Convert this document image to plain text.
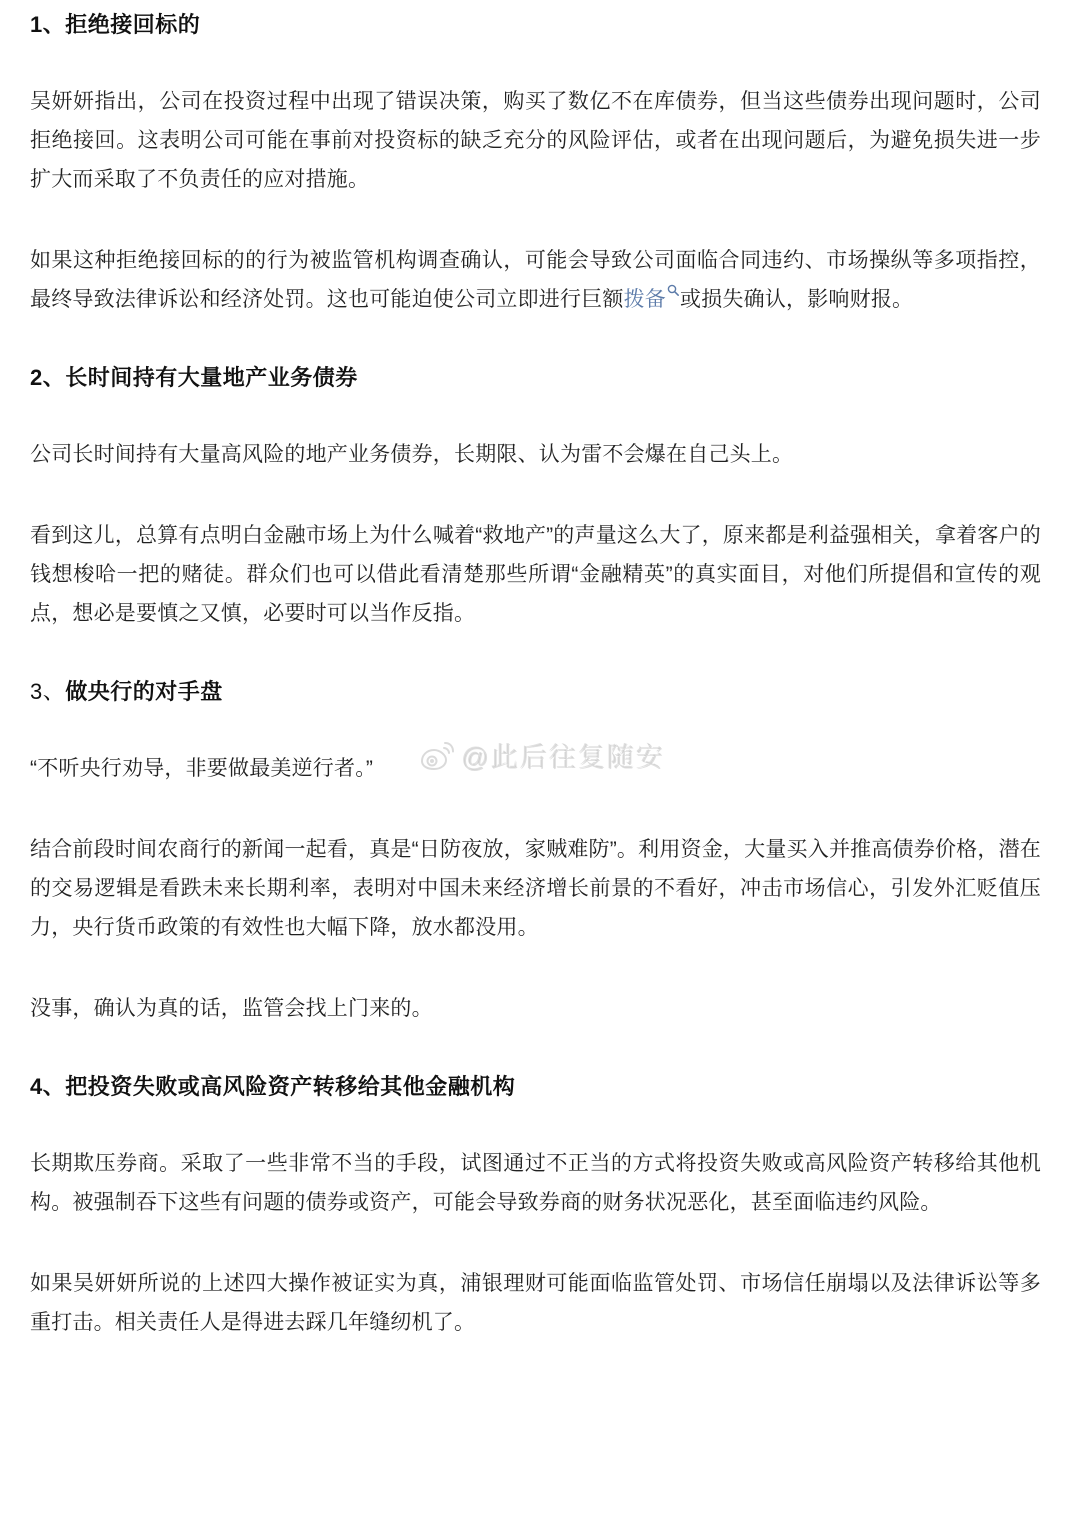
1、拒绝接回标的

吴妍妍指出，公司在投资过程中出现了错误决策，购买了数亿不在库债券，但当这些债券出现问题时，公司拒绝接回。这表明公司可能在事前对投资标的缺乏充分的风险评估，或者在出现问题后，为避免损失进一步扩大而采取了不负责任的应对措施。

如果这种拒绝接回标的的行为被监管机构调查确认，可能会导致公司面临合同违约、市场操纵等多项指控，最终导致法律诉讼和经济处罚。这也可能迫使公司立即进行巨额拨备 或损失确认，影响财报。

2、长时间持有大量地产业务债券

公司长时间持有大量高风险的地产业务债券，长期限、认为雷不会爆在自己头上。

看到这儿，总算有点明白金融市场上为什么喊着“救地产”的声量这么大了，原来都是利益强相关，拿着客户的钱想梭哈一把的赌徒。群众们也可以借此看清楚那些所谓“金融精英”的真实面目，对他们所提倡和宣传的观点，想必是要慎之又慎，必要时可以当作反指。

3、做央行的对手盘

“不听央行劝导，非要做最美逆行者。”

结合前段时间农商行的新闻一起看，真是“日防夜放，家贼难防”。利用资金，大量买入并推高债券价格，潜在的交易逻辑是看跌未来长期利率，表明对中国未来经济增长前景的不看好，冲击市场信心，引发外汇贬值压力，央行货币政策的有效性也大幅下降，放水都没用。

没事，确认为真的话，监管会找上门来的。

4、把投资失败或高风险资产转移给其他金融机构

长期欺压券商。采取了一些非常不当的手段，试图通过不正当的方式将投资失败或高风险资产转移给其他机构。被强制吞下这些有问题的债券或资产，可能会导致券商的财务状况恶化，甚至面临违约风险。

如果吴妍妍所说的上述四大操作被证实为真，浦银理财可能面临监管处罚、市场信任崩塌以及法律诉讼等多重打击。相关责任人是得进去踩几年缝纫机了。

@此后往复随安
